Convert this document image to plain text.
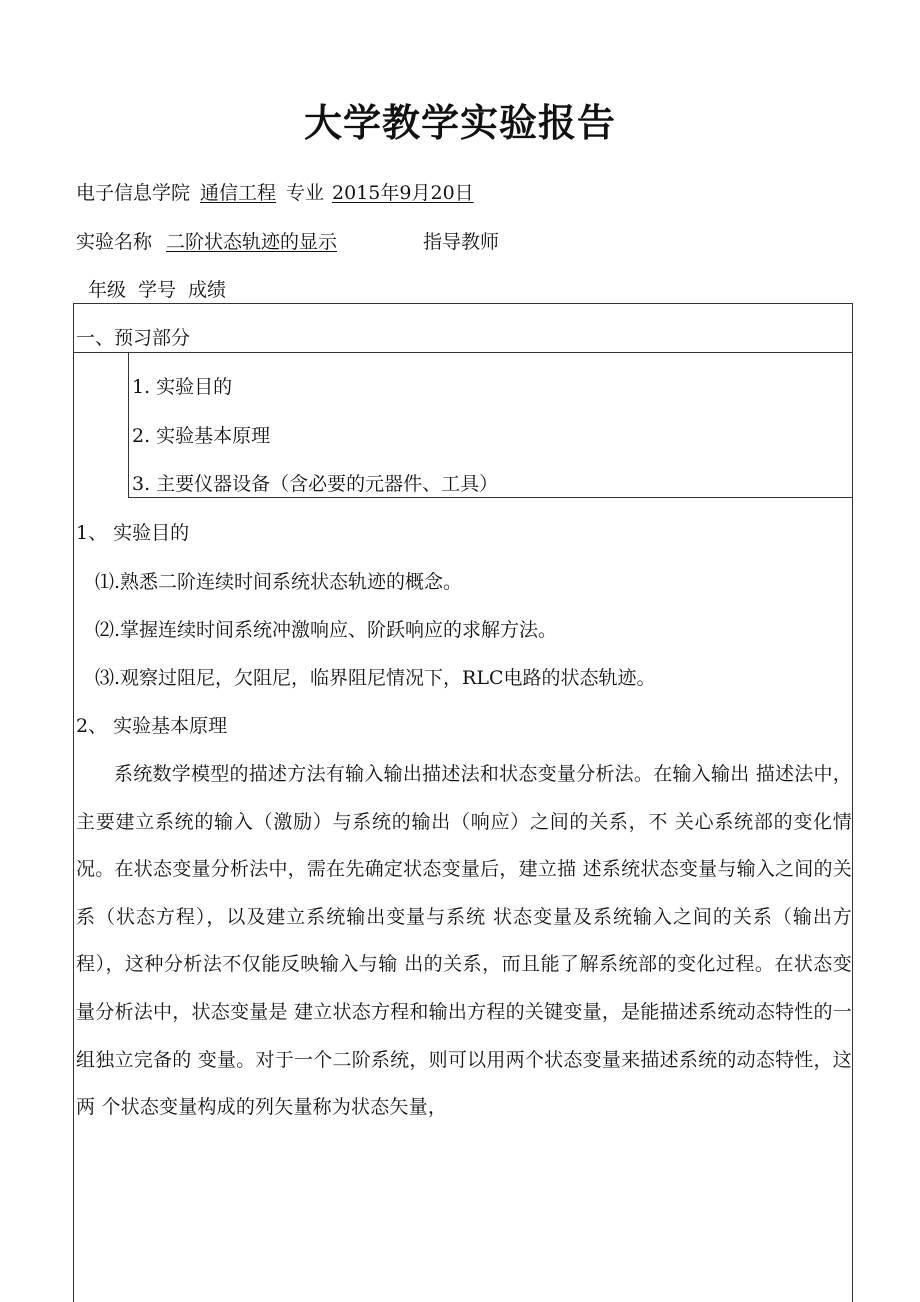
大学教学实验报告
电子信息学院 通信工程 专业 2015年9月20日
实验名称 二阶状态轨迹的显示	指导教师
年级 学号 成绩
一、预习部分
1. 实验目的
2. 实验基本原理
3. 主要仪器设备（含必要的元器件、工具）
1、 实验目的
⑴.熟悉二阶连续时间系统状态轨迹的概念。
⑵.掌握连续时间系统冲激响应、阶跃响应的求解方法。
⑶.观察过阻尼，欠阻尼，临界阻尼情况下，RLC电路的状态轨迹。
2、 实验基本原理
系统数学模型的描述方法有输入输出描述法和状态变量分析法。在输入输出 描述法中，主要建立系统的输入（激励）与系统的输出（响应）之间的关系，不 关心系统部的变化情况。在状态变量分析法中，需在先确定状态变量后，建立描 述系统状态变量与输入之间的关系（状态方程），以及建立系统输出变量与系统 状态变量及系统输入之间的关系（输出方程），这种分析法不仅能反映输入与输 出的关系，而且能了解系统部的变化过程。在状态变量分析法中，状态变量是 建立状态方程和输出方程的关键变量，是能描述系统动态特性的一组独立完备的 变量。对于一个二阶系统，则可以用两个状态变量来描述系统的动态特性，这两 个状态变量构成的列矢量称为状态矢量，
